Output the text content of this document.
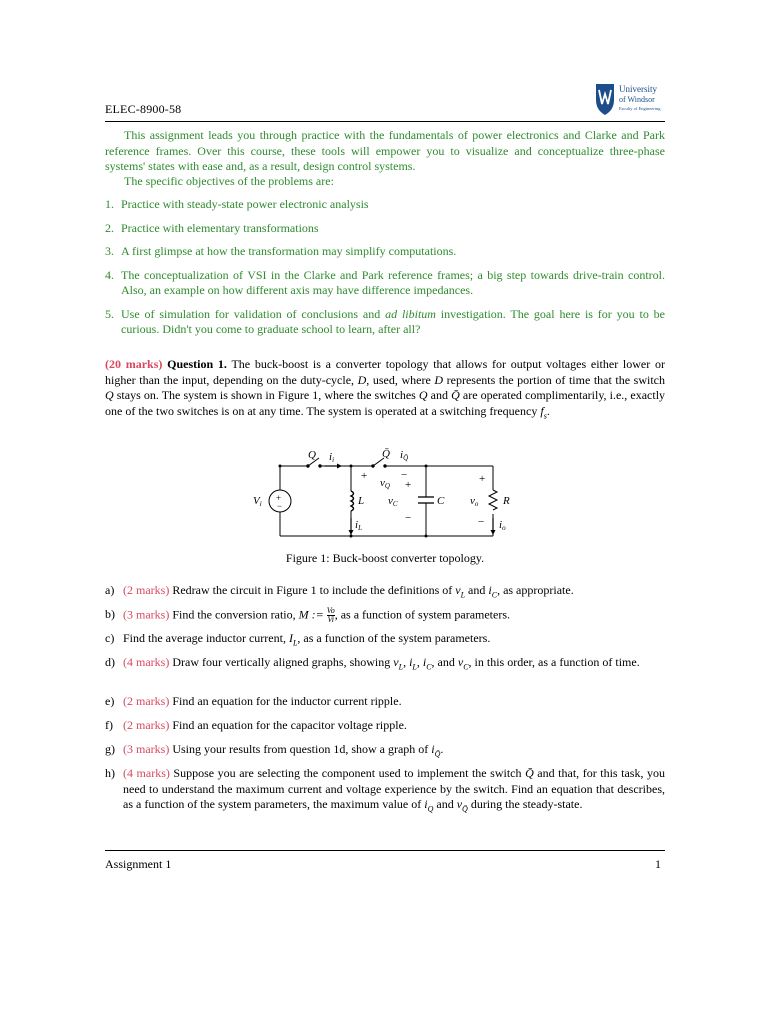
ELEC-8900-58
University
of Windsor
Faculty of Engineering
This assignment leads you through practice with the fundamentals of power electronics and Clarke and Park reference frames. Over this course, these tools will empower you to visualize and conceptualize three-phase systems' states with ease and, as a result, design control systems.
The specific objectives of the problems are:
1. Practice with steady-state power electronic analysis
2. Practice with elementary transformations
3. A first glimpse at how the transformation may simplify computations.
4. The conceptualization of VSI in the Clarke and Park reference frames; a big step towards drive-train control. Also, an example on how different axis may have difference impedances.
5. Use of simulation for validation of conclusions and ad libitum investigation. The goal here is for you to be curious. Didn't you come to graduate school to learn, after all?
(20 marks) Question 1. The buck-boost is a converter topology that allows for output voltages either lower or higher than the input, depending on the duty-cycle, D, used, where D represents the portion of time that the switch Q stays on. The system is shown in Figure 1, where the switches Q and Q̄ are operated complimentarily, i.e., exactly one of the two switches is on at any time. The system is operated at a switching frequency $f_s$.
Q ii	Q̄ iQ̄
vQ
Vi	L
iL
vC	C vo R
io
+	−
+
−
+
−
+
−
Figure 1: Buck-boost converter topology.
a) (2 marks) Redraw the circuit in Figure 1 to include the definitions of $v_L$ and $i_C$, as appropriate.
b) (3 marks) Find the conversion ratio, M := $\frac{Vo}{Vi}$ , as a function of system parameters.
c) Find the average inductor current, $I_L$, as a function of the system parameters.
d) (4 marks) Draw four vertically aligned graphs, showing $v_L$, $i_L$, $i_C$, and $v_C$, in this order, as a function of time.
e) (2 marks) Find an equation for the inductor current ripple.
f) (2 marks) Find an equation for the capacitor voltage ripple.
g) (3 marks) Using your results from question 1d, show a graph of $i_{Q̄}$.
h) (4 marks) Suppose you are selecting the component used to implement the switch Q̄ and that, for this task, you need to understand the maximum current and voltage experience by the switch. Find an equation that describes, as a function of the system parameters, the maximum value of $i_Q$ and $v_{Q̄}$ during the steady-state.
Assignment 1	1
